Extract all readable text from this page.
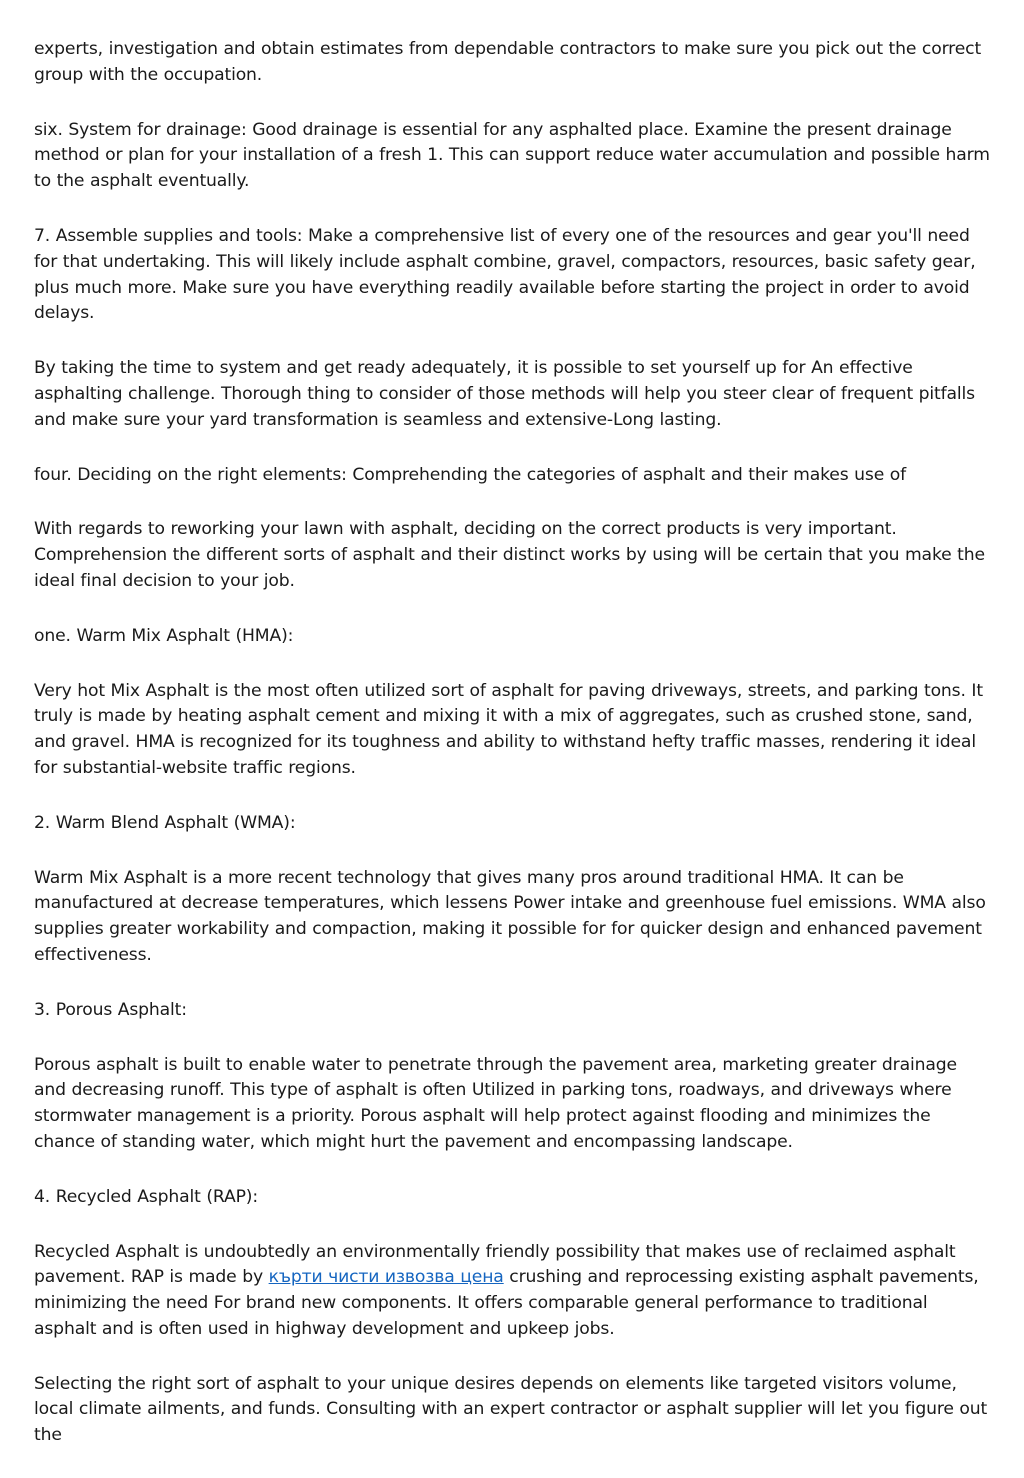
experts, investigation and obtain estimates from dependable contractors to make sure you pick out the correct group with the occupation.

six. System for drainage: Good drainage is essential for any asphalted place. Examine the present drainage method or plan for your installation of a fresh 1. This can support reduce water accumulation and possible harm to the asphalt eventually.

7. Assemble supplies and tools: Make a comprehensive list of every one of the resources and gear you'll need for that undertaking. This will likely include asphalt combine, gravel, compactors, resources, basic safety gear, plus much more. Make sure you have everything readily available before starting the project in order to avoid delays.

By taking the time to system and get ready adequately, it is possible to set yourself up for An effective asphalting challenge. Thorough thing to consider of those methods will help you steer clear of frequent pitfalls and make sure your yard transformation is seamless and extensive-Long lasting.

four. Deciding on the right elements: Comprehending the categories of asphalt and their makes use of

With regards to reworking your lawn with asphalt, deciding on the correct products is very important. Comprehension the different sorts of asphalt and their distinct works by using will be certain that you make the ideal final decision to your job.

one. Warm Mix Asphalt (HMA):

Very hot Mix Asphalt is the most often utilized sort of asphalt for paving driveways, streets, and parking tons. It truly is made by heating asphalt cement and mixing it with a mix of aggregates, such as crushed stone, sand, and gravel. HMA is recognized for its toughness and ability to withstand hefty traffic masses, rendering it ideal for substantial-website traffic regions.

2. Warm Blend Asphalt (WMA):

Warm Mix Asphalt is a more recent technology that gives many pros around traditional HMA. It can be manufactured at decrease temperatures, which lessens Power intake and greenhouse fuel emissions. WMA also supplies greater workability and compaction, making it possible for for quicker design and enhanced pavement effectiveness.

3. Porous Asphalt:

Porous asphalt is built to enable water to penetrate through the pavement area, marketing greater drainage and decreasing runoff. This type of asphalt is often Utilized in parking tons, roadways, and driveways where stormwater management is a priority. Porous asphalt will help protect against flooding and minimizes the chance of standing water, which might hurt the pavement and encompassing landscape.

4. Recycled Asphalt (RAP):

Recycled Asphalt is undoubtedly an environmentally friendly possibility that makes use of reclaimed asphalt pavement. RAP is made by кърти чисти извозва цена crushing and reprocessing existing asphalt pavements, minimizing the need For brand new components. It offers comparable general performance to traditional asphalt and is often used in highway development and upkeep jobs.

Selecting the right sort of asphalt to your unique desires depends on elements like targeted visitors volume, local climate ailments, and funds. Consulting with an expert contractor or asphalt supplier will let you figure out the
